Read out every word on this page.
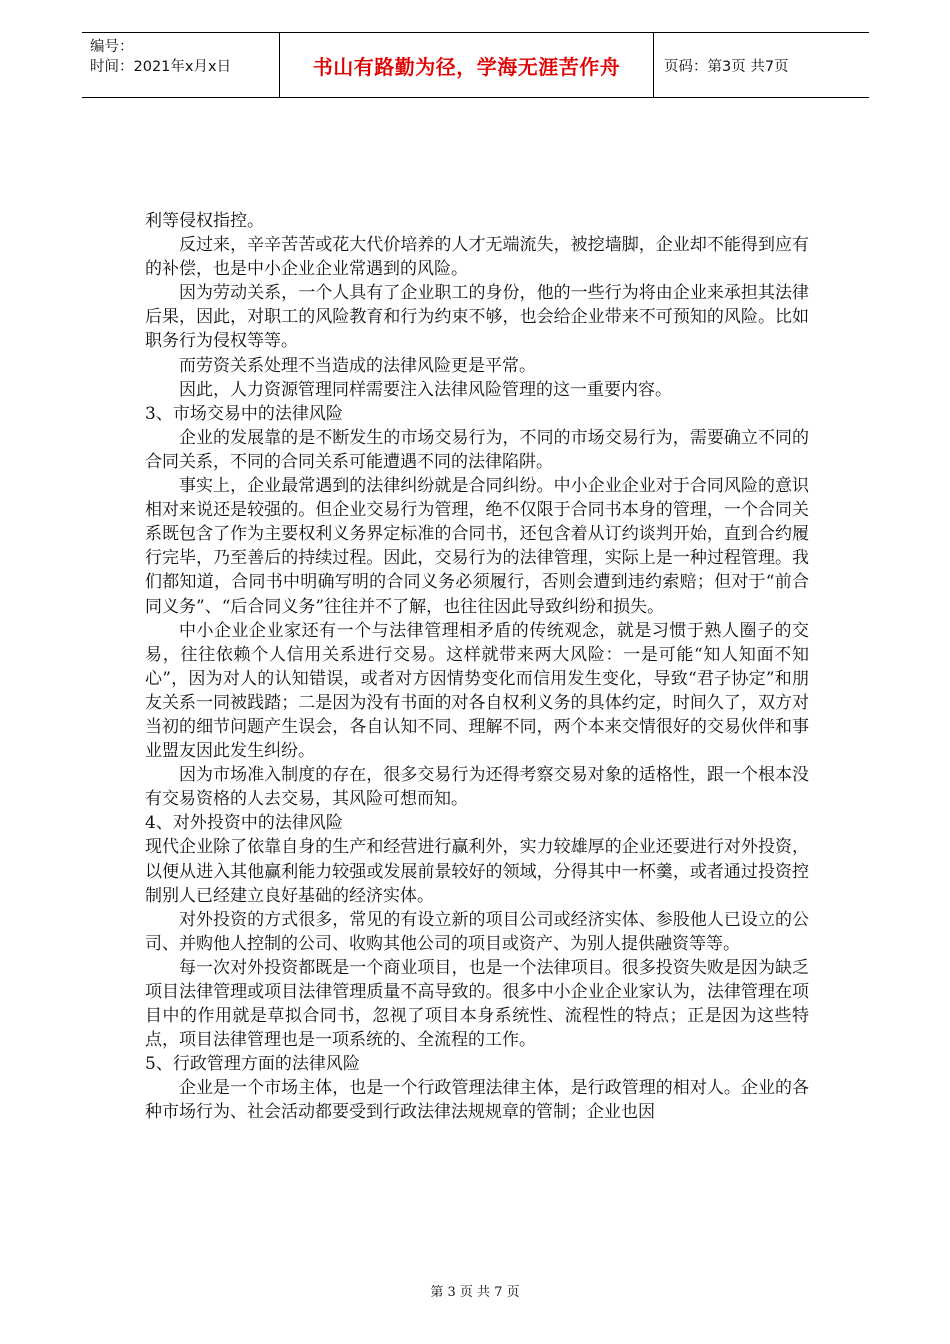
编号：
时间：2021年x月x日	书山有路勤为径，学海无涯苦作舟	页码：第3页 共7页

利等侵权指控。

反过来，辛辛苦苦或花大代价培养的人才无端流失，被挖墙脚，企业却不能得到应有的补偿，也是中小企业企业常遇到的风险。

因为劳动关系，一个人具有了企业职工的身份，他的一些行为将由企业来承担其法律后果，因此，对职工的风险教育和行为约束不够，也会给企业带来不可预知的风险。比如职务行为侵权等等。

而劳资关系处理不当造成的法律风险更是平常。

因此，人力资源管理同样需要注入法律风险管理的这一重要内容。

3、市场交易中的法律风险

企业的发展靠的是不断发生的市场交易行为，不同的市场交易行为，需要确立不同的合同关系，不同的合同关系可能遭遇不同的法律陷阱。

事实上，企业最常遇到的法律纠纷就是合同纠纷。中小企业企业对于合同风险的意识　　相对来说还是较强的。但企业交易行为管理，绝不仅限于合同书本身的管理，一个合同关系既包含了作为主要权利义务界定标准的合同书，还包含着从订约谈判开始，直到合约履行完毕，乃至善后的持续过程。因此，交易行为的法律管理，实际上是一种过程管理。我们都知道，合同书中明确写明的合同义务必须履行，否则会遭到违约索赔；但对于“前合同义务”、“后合同义务”往往并不了解，也往往因此导致纠纷和损失。

中小企业企业家还有一个与法律管理相矛盾的传统观念，就是习惯于熟人圈子的交易，往往依赖个人信用关系进行交易。这样就带来两大风险：一是可能“知人知面不知心”，因为对人的认知错误，或者对方因情势变化而信用发生变化，导致“君子协定”和朋友关系一同被践踏；二是因为没有书面的对各自权利义务的具体约定，时间久了，双方对当初的细节问题产生误会，各自认知不同、理解不同，两个本来交情很好的交易伙伴和事业盟友因此发生纠纷。

因为市场准入制度的存在，很多交易行为还得考察交易对象的适格性，跟一个根本没有交易资格的人去交易，其风险可想而知。

4、对外投资中的法律风险

现代企业除了依靠自身的生产和经营进行赢利外，实力较雄厚的企业还要进行对外投资，以便从进入其他赢利能力较强或发展前景较好的领域，分得其中一杯羹，或者通过投资控制别人已经建立良好基础的经济实体。

对外投资的方式很多，常见的有设立新的项目公司或经济实体、参股他人已设立的公司、并购他人控制的公司、收购其他公司的项目或资产、为别人提供融资等等。

每一次对外投资都既是一个商业项目，也是一个法律项目。很多投资失败是因为缺乏项目法律管理或项目法律管理质量不高导致的。很多中小企业企业家认为，法律管理在项目中的作用就是草拟合同书，忽视了项目本身系统性、流程性的特点；正是因为这些特点，项目法律管理也是一项系统的、全流程的工作。

5、行政管理方面的法律风险

企业是一个市场主体，也是一个行政管理法律主体，是行政管理的相对人。企业的各种市场行为、社会活动都要受到行政法律法规规章的管制；企业也因

第 3 页 共 7 页
